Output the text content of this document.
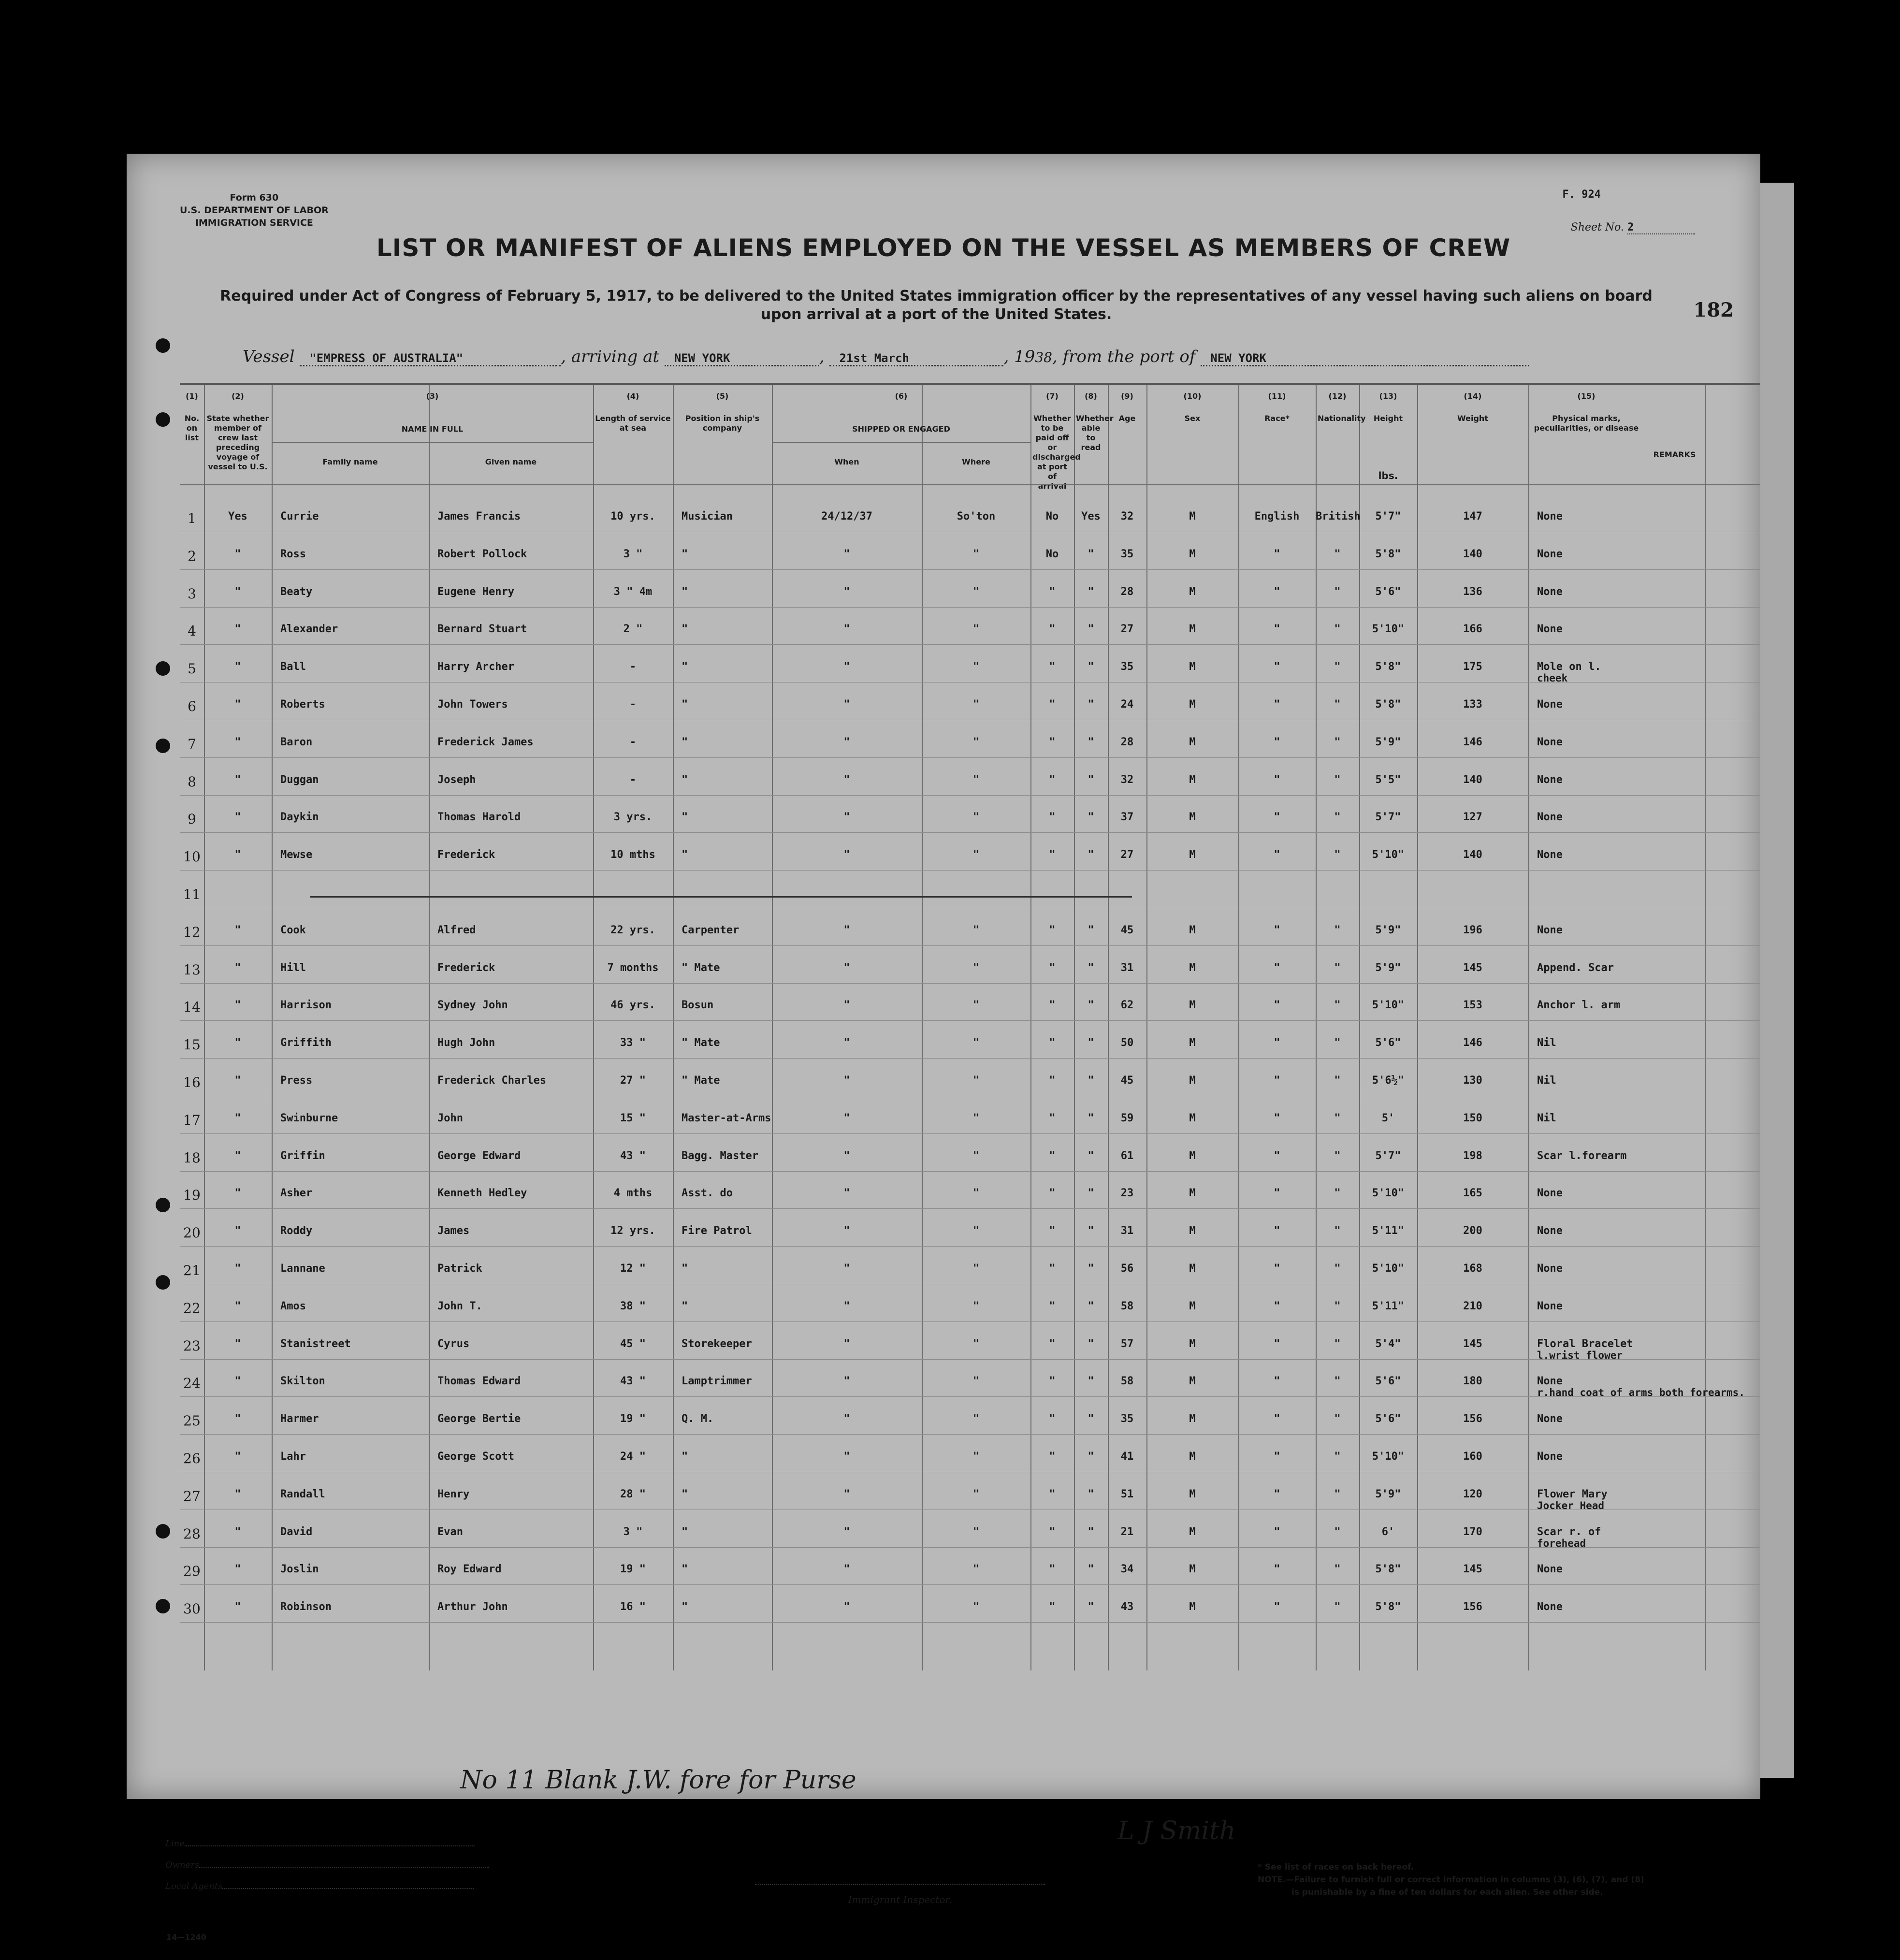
Form 630
U.S. DEPARTMENT OF LABOR
IMMIGRATION SERVICE
F. 924
Sheet No. 2
LIST OR MANIFEST OF ALIENS EMPLOYED ON THE VESSEL AS MEMBERS OF CREW
Required under Act of Congress of February 5, 1917, to be delivered to the United States immigration officer by the representatives of any vessel having such aliens on board upon arrival at a port of the United States.	182
Vessel "EMPRESS OF AUSTRALIA"	, arriving at NEW YORK	, 21st March	, 1938, from the port of NEW YORK
(1)
No. on list
(2)
State whether member of crew last preceding voyage of vessel to U.S.
(3)
NAME IN FULL
(4)
Length of service at sea
(5)
Position in ship's company
(6)
SHIPPED OR ENGAGED
(7)
Whether to be paid off or discharged at port of arrival
(8)
Whether able to read
(9)
Age
(10)
Sex
(11)
Race*
(12)
Nationality
(13)
Height
(14)
Weight
(15)
Physical marks, peculiarities, or disease
REMARKS
Family name	Given name	When	Where
lbs.
1	Yes	Currie	James Francis	10 yrs.	Musician	24/12/37	So'ton	No	Yes	32	M	English	British	5'7"	147	None
2	"	Ross	Robert Pollock	3 "	"	"	"	No	"	35	M	"	"	5'8"	140	None
3	"	Beaty	Eugene Henry	3 " 4m	"	"	"	"	"	28	M	"	"	5'6"	136	None
4	"	Alexander	Bernard Stuart	2 "	"	"	"	"	"	27	M	"	"	5'10"	166	None
5	"	Ball	Harry Archer	-	"	"	"	"	"	35	M	"	"	5'8"	175	Mole on l.
cheek
6	"	Roberts	John Towers	-	"	"	"	"	"	24	M	"	"	5'8"	133	None
7	"	Baron	Frederick James	-	"	"	"	"	"	28	M	"	"	5'9"	146	None
8	"	Duggan	Joseph	-	"	"	"	"	"	32	M	"	"	5'5"	140	None
9	"	Daykin	Thomas Harold	3 yrs.	"	"	"	"	"	37	M	"	"	5'7"	127	None
10	"	Mewse	Frederick	10 mths	"	"	"	"	"	27	M	"	"	5'10"	140	None
11
12	"	Cook	Alfred	22 yrs.	Carpenter	"	"	"	"	45	M	"	"	5'9"	196	None
13	"	Hill	Frederick	7 months	" Mate	"	"	"	"	31	M	"	"	5'9"	145	Append. Scar
14	"	Harrison	Sydney John	46 yrs.	Bosun	"	"	"	"	62	M	"	"	5'10"	153	Anchor l. arm
15	"	Griffith	Hugh John	33 "	" Mate	"	"	"	"	50	M	"	"	5'6"	146	Nil
16	"	Press	Frederick Charles	27 "	" Mate	"	"	"	"	45	M	"	"	5'6½"	130	Nil
17	"	Swinburne	John	15 "	Master-at-Arms	"	"	"	"	59	M	"	"	5'	150	Nil
18	"	Griffin	George Edward	43 "	Bagg. Master	"	"	"	"	61	M	"	"	5'7"	198	Scar l.forearm
19	"	Asher	Kenneth Hedley	4 mths	Asst. do	"	"	"	"	23	M	"	"	5'10"	165	None
20	"	Roddy	James	12 yrs.	Fire Patrol	"	"	"	"	31	M	"	"	5'11"	200	None
21	"	Lannane	Patrick	12 "	"	"	"	"	"	56	M	"	"	5'10"	168	None
22	"	Amos	John T.	38 "	"	"	"	"	"	58	M	"	"	5'11"	210	None
23	"	Stanistreet	Cyrus	45 "	Storekeeper	"	"	"	"	57	M	"	"	5'4"	145	Floral Bracelet
l.wrist flower
24	"	Skilton	Thomas Edward	43 "	Lamptrimmer	"	"	"	"	58	M	"	"	5'6"	180	None
r.hand coat of arms both forearms.
25	"	Harmer	George Bertie	19 "	Q. M.	"	"	"	"	35	M	"	"	5'6"	156	None
26	"	Lahr	George Scott	24 "	"	"	"	"	"	41	M	"	"	5'10"	160	None
27	"	Randall	Henry	28 "	"	"	"	"	"	51	M	"	"	5'9"	120	Flower Mary
Jocker Head
28	"	David	Evan	3 "	"	"	"	"	"	21	M	"	"	6'	170	Scar r. of
forehead
29	"	Joslin	Roy Edward	19 "	"	"	"	"	"	34	M	"	"	5'8"	145	None
30	"	Robinson	Arthur John	16 "	"	"	"	"	"	43	M	"	"	5'8"	156	None
No 11 Blank J.W. fore for Purse
L J Smith
Line
Owners
Local Agents
Immigrant Inspector.
* See list of races on back hereof.
NOTE.—Failure to furnish full or correct information in columns (3), (6), (7), and (8)
is punishable by a fine of ten dollars for each alien. See other side.
14—1240
